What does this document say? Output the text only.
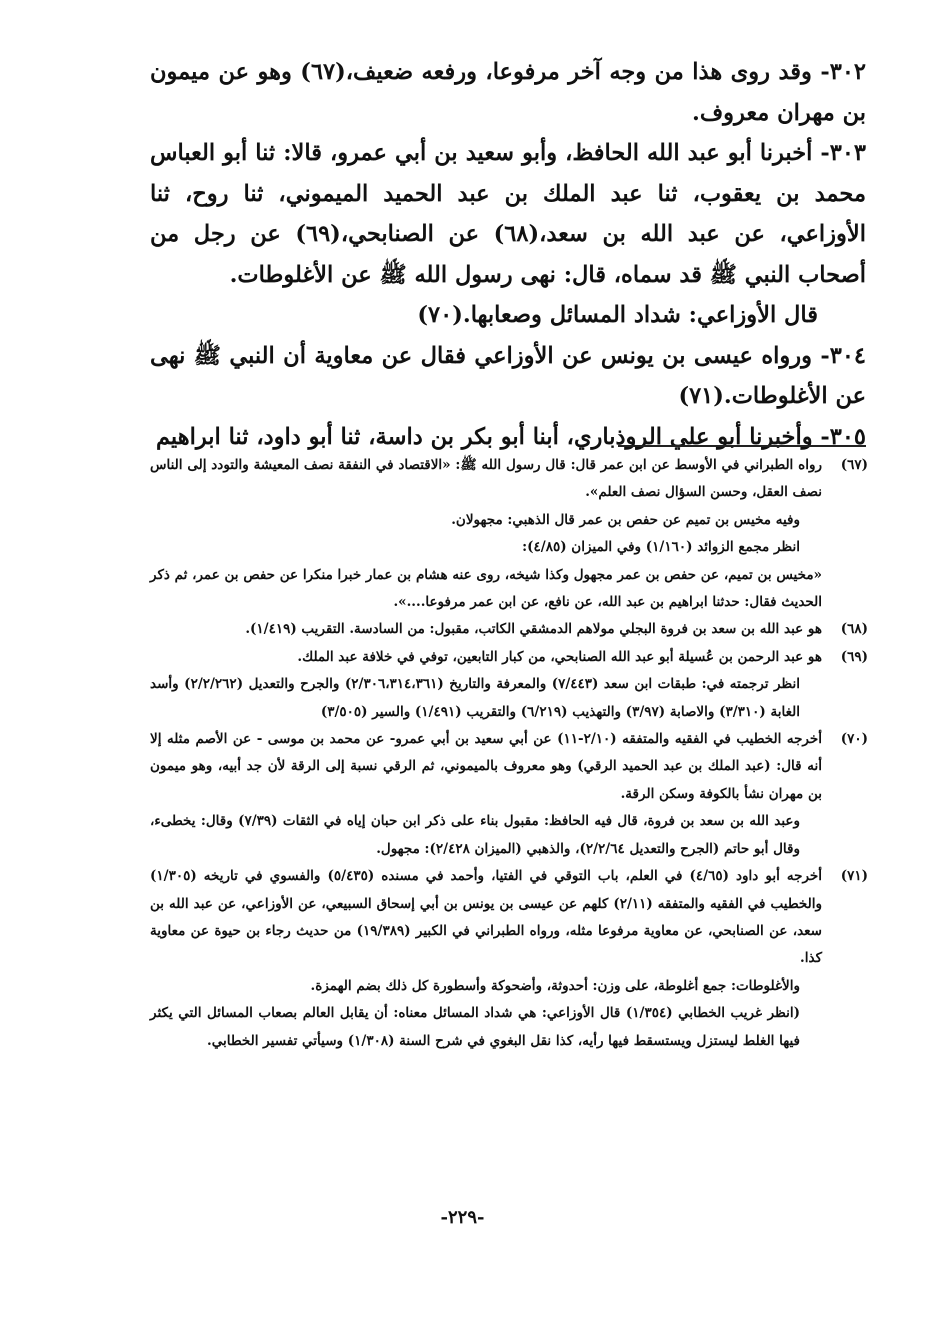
٣٠٢- وقد روى هذا من وجه آخر مرفوعا، ورفعه ضعيف،(٦٧) وهو عن ميمون بن مهران معروف.

٣٠٣- أخبرنا أبو عبد الله الحافظ، وأبو سعيد بن أبي عمرو، قالا: ثنا أبو العباس محمد بن يعقوب، ثنا عبد الملك بن عبد الحميد الميموني، ثنا روح، ثنا الأوزاعي، عن عبد الله بن سعد،(٦٨) عن الصنابحي،(٦٩) عن رجل من أصحاب النبي ﷺ قد سماه، قال: نهى رسول الله ﷺ عن الأغلوطات.

قال الأوزاعي: شداد المسائل وصعابها.(٧٠)

٣٠٤- ورواه عيسى بن يونس عن الأوزاعي فقال عن معاوية أن النبي ﷺ نهى عن الأغلوطات.(٧١)

٣٠٥- وأخبرنا أبو علي الروذباري، أبنا أبو بكر بن داسة، ثنا أبو داود، ثنا ابراهيم

(٦٧)

رواه الطبراني في الأوسط عن ابن عمر قال: قال رسول الله ﷺ: «الاقتصاد في النفقة نصف المعيشة والتودد إلى الناس نصف العقل، وحسن السؤال نصف العلم».

وفيه مخيس بن تميم عن حفص بن عمر قال الذهبي: مجهولان.

انظر مجمع الزوائد (١/١٦٠) وفي الميزان (٤/٨٥):

«مخيس بن تميم، عن حفص بن عمر مجهول وكذا شيخه، روى عنه هشام بن عمار خبرا منكرا عن حفص بن عمر، ثم ذكر الحديث فقال: حدثنا ابراهيم بن عبد الله، عن نافع، عن ابن عمر مرفوعا....».

(٦٨)

هو عبد الله بن سعد بن فروة البجلي مولاهم الدمشقي الكاتب، مقبول: من السادسة. التقريب (١/٤١٩).

(٦٩)

هو عبد الرحمن بن عُسيلة أبو عبد الله الصنابحي، من كبار التابعين، توفي في خلافة عبد الملك.

انظر ترجمته في: طبقات ابن سعد (٧/٤٤٣) والمعرفة والتاريخ (٢/٣٠٦،٣١٤،٣٦١) والجرح والتعديل (٢/٢/٢٦٢) وأسد الغابة (٣/٣١٠) والاصابة (٣/٩٧) والتهذيب (٦/٢١٩) والتقريب (١/٤٩١) والسير (٣/٥٠٥)

(٧٠)

أخرجه الخطيب في الفقيه والمتفقه (٢/١٠-١١) عن أبي سعيد بن أبي عمرو- عن محمد بن موسى - عن الأصم مثله إلا أنه قال: (عبد الملك بن عبد الحميد الرقي) وهو معروف بالميموني، ثم الرقي نسبة إلى الرقة لأن جد أبيه، وهو ميمون بن مهران نشأ بالكوفة وسكن الرقة.

وعبد الله بن سعد بن فروة، قال فيه الحافظ: مقبول بناء على ذكر ابن حبان إياه في الثقات (٧/٣٩) وقال: يخطىء، وقال أبو حاتم (الجرح والتعديل ٢/٢/٦٤)، والذهبي (الميزان ٢/٤٢٨): مجهول.

(٧١)

أخرجه أبو داود (٤/٦٥) في العلم، باب التوقي في الفتيا، وأحمد في مسنده (٥/٤٣٥) والفسوي في تاريخه (١/٣٠٥) والخطيب في الفقيه والمتفقه (٢/١١) كلهم عن عيسى بن يونس بن أبي إسحاق السبيعي، عن الأوزاعي، عن عبد الله بن سعد، عن الصنابحي، عن معاوية مرفوعا مثله، ورواه الطبراني في الكبير (١٩/٣٨٩) من حديث رجاء بن حيوة عن معاوية كذا.

والأغلوطات: جمع أغلوطة، على وزن: أحدوثة، وأضحوكة وأسطورة كل ذلك بضم الهمزة.

(انظر غريب الخطابي (١/٣٥٤) قال الأوزاعي: هي شداد المسائل معناه: أن يقابل العالم بصعاب المسائل التي يكثر فيها الغلط ليستزل ويستسقط فيها رأيه، كذا نقل البغوي في شرح السنة (١/٣٠٨) وسيأتي تفسير الخطابي.

-٢٢٩-
